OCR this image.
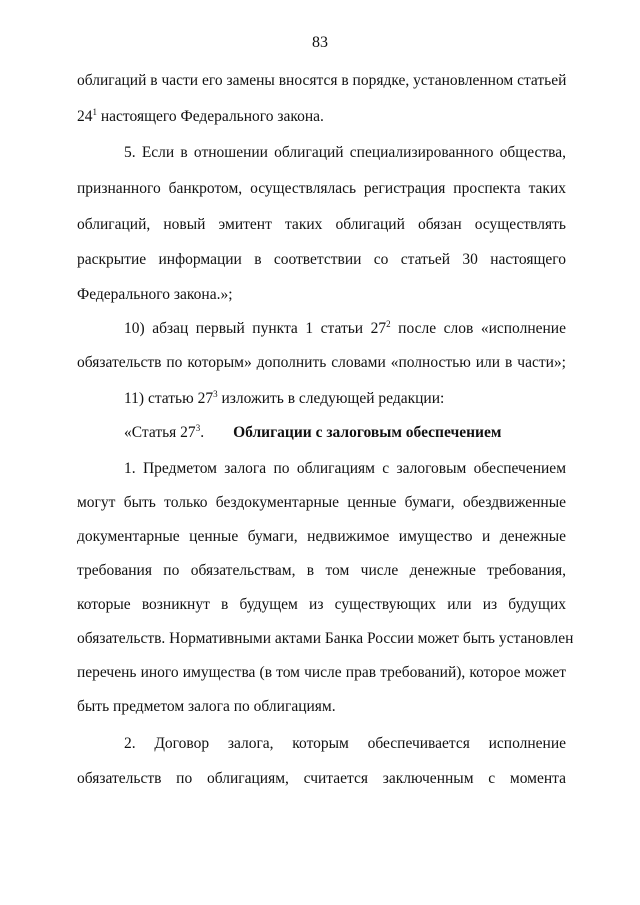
83
облигаций в части его замены вносятся в порядке, установленном статьей
$24^1$ настоящего Федерального закона.
5. Если в отношении облигаций специализированного общества,
признанного банкротом, осуществлялась регистрация проспекта таких
облигаций, новый эмитент таких облигаций обязан осуществлять
раскрытие информации в соответствии со статьей 30 настоящего
Федерального закона.»;
10) абзац первый пункта 1 статьи $27^2$ после слов «исполнение
обязательств по которым» дополнить словами «полностью или в части»;
11) статью $27^3$ изложить в следующей редакции:
«Статья $27^3$. Облигации с залоговым обеспечением
1. Предметом залога по облигациям с залоговым обеспечением
могут быть только бездокументарные ценные бумаги, обездвиженные
документарные ценные бумаги, недвижимое имущество и денежные
требования по обязательствам, в том числе денежные требования,
которые возникнут в будущем из существующих или из будущих
обязательств. Нормативными актами Банка России может быть установлен
перечень иного имущества (в том числе прав требований), которое может
быть предметом залога по облигациям.
2. Договор залога, которым обеспечивается исполнение
обязательств по облигациям, считается заключенным с момента
